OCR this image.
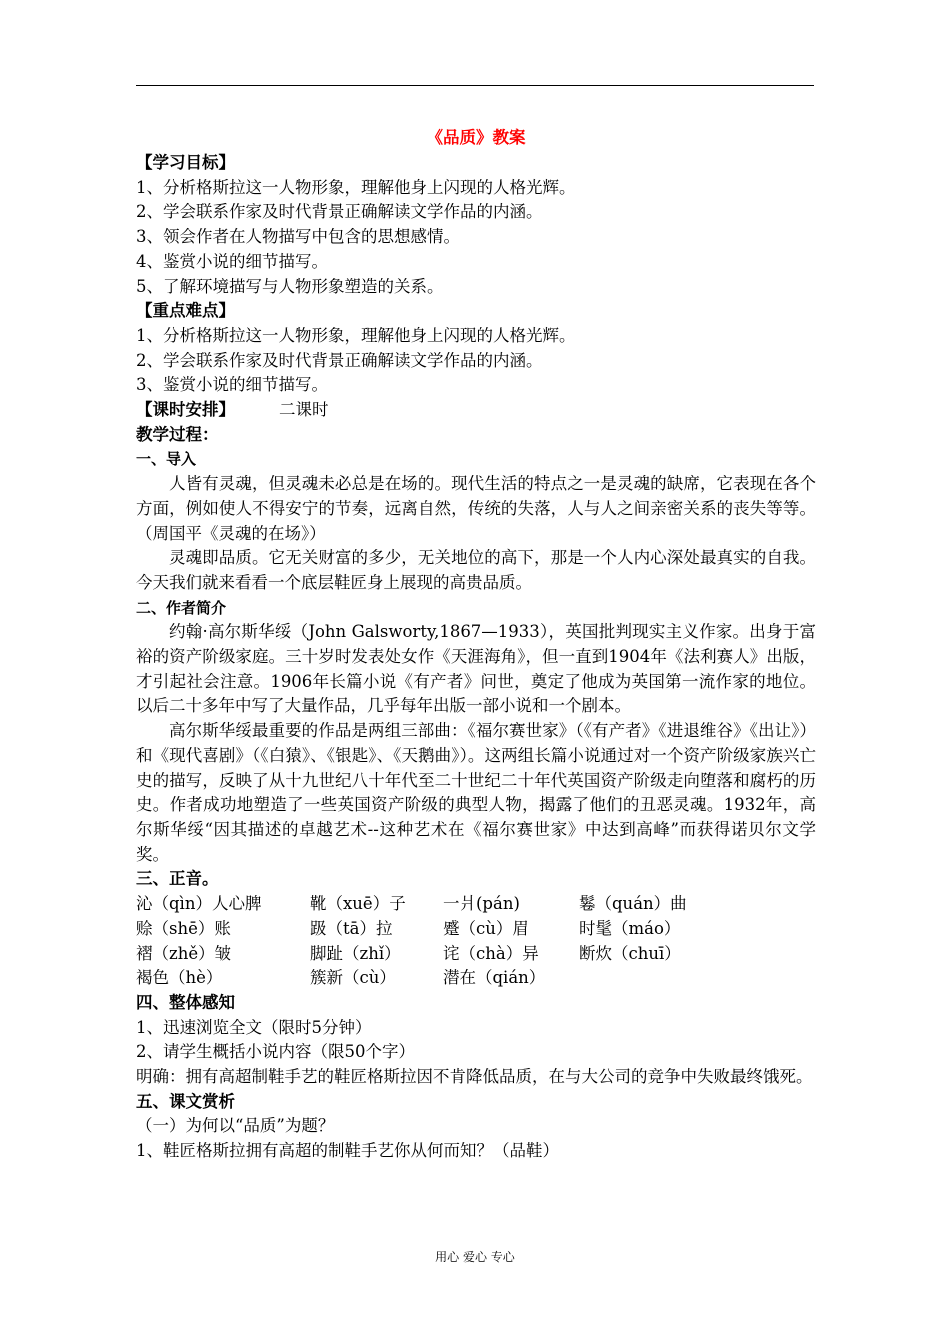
《品质》教案
【学习目标】
1、分析格斯拉这一人物形象，理解他身上闪现的人格光辉。
2、学会联系作家及时代背景正确解读文学作品的内涵。
3、领会作者在人物描写中包含的思想感情。
4、鉴赏小说的细节描写。
5、了解环境描写与人物形象塑造的关系。
【重点难点】
1、分析格斯拉这一人物形象，理解他身上闪现的人格光辉。
2、学会联系作家及时代背景正确解读文学作品的内涵。
3、鉴赏小说的细节描写。
【课时安排】	二课时
教学过程：
一、导入
人皆有灵魂，但灵魂未必总是在场的。现代生活的特点之一是灵魂的缺席，它表现在各个方面，例如使人不得安宁的节奏，远离自然，传统的失落，人与人之间亲密关系的丧失等等。（周国平《灵魂的在场》）
灵魂即品质。它无关财富的多少，无关地位的高下，那是一个人内心深处最真实的自我。今天我们就来看看一个底层鞋匠身上展现的高贵品质。
二、作者简介
约翰·高尔斯华绥（John Galsworty,1867—1933），英国批判现实主义作家。出身于富裕的资产阶级家庭。三十岁时发表处女作《天涯海角》，但一直到1904年《法利赛人》出版，才引起社会注意。1906年长篇小说《有产者》问世，奠定了他成为英国第一流作家的地位。以后二十多年中写了大量作品，几乎每年出版一部小说和一个剧本。
高尔斯华绥最重要的作品是两组三部曲：《福尔赛世家》（《有产者》《进退维谷》《出让》）和《现代喜剧》（《白猿》、《银匙》、《天鹅曲》）。这两组长篇小说通过对一个资产阶级家族兴亡史的描写，反映了从十九世纪八十年代至二十世纪二十年代英国资产阶级走向堕落和腐朽的历史。作者成功地塑造了一些英国资产阶级的典型人物，揭露了他们的丑恶灵魂。1932年，高尔斯华绥“因其描述的卓越艺术--这种艺术在《福尔赛世家》中达到高峰”而获得诺贝尔文学奖。
三、正音。
沁（qìn）人心脾	靴（xuē）子	一爿(pán)	鬈（quán）曲
赊（shē）账	趿（tā）拉	蹙（cù）眉	时髦（máo）
褶（zhě）皱	脚趾（zhǐ）	诧（chà）异	断炊（chuī）
褐色（hè）	簇新（cù）	潜在（qián）
四、整体感知
1、迅速浏览全文（限时5分钟）
2、请学生概括小说内容（限50个字）
明确：拥有高超制鞋手艺的鞋匠格斯拉因不肯降低品质，在与大公司的竞争中失败最终饿死。
五、课文赏析
（一）为何以“品质”为题？
1、鞋匠格斯拉拥有高超的制鞋手艺你从何而知？（品鞋）
用心 爱心 专心
